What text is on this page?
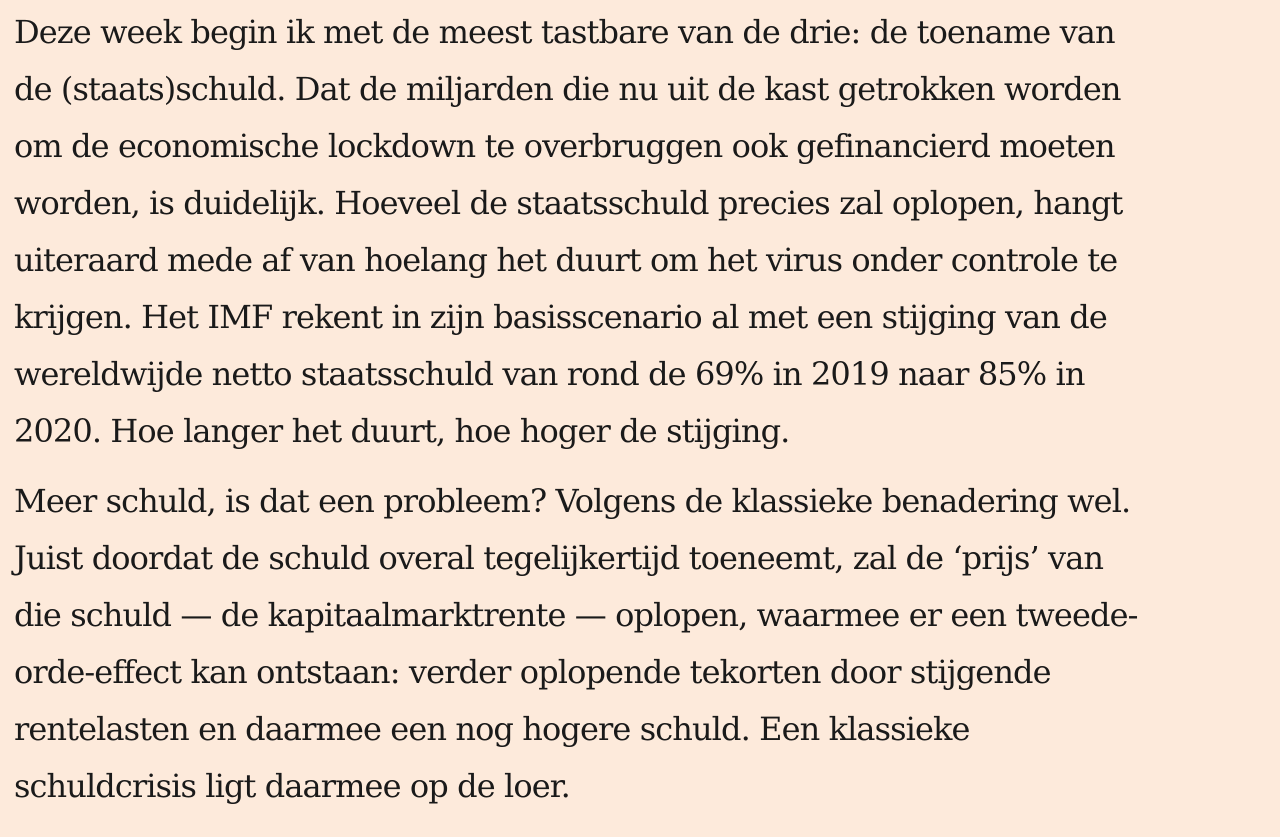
Deze week begin ik met de meest tastbare van de drie: de toename van
de (staats)schuld. Dat de miljarden die nu uit de kast getrokken worden
om de economische lockdown te overbruggen ook gefinancierd moeten
worden, is duidelijk. Hoeveel de staatsschuld precies zal oplopen, hangt
uiteraard mede af van hoelang het duurt om het virus onder controle te
krijgen. Het IMF rekent in zijn basisscenario al met een stijging van de
wereldwijde netto staatsschuld van rond de 69% in 2019 naar 85% in
2020. Hoe langer het duurt, hoe hoger de stijging.

Meer schuld, is dat een probleem? Volgens de klassieke benadering wel.
Juist doordat de schuld overal tegelijkertijd toeneemt, zal de ‘prijs’ van
die schuld — de kapitaalmarktrente — oplopen, waarmee er een tweede-
orde-effect kan ontstaan: verder oplopende tekorten door stijgende
rentelasten en daarmee een nog hogere schuld. Een klassieke
schuldcrisis ligt daarmee op de loer.
